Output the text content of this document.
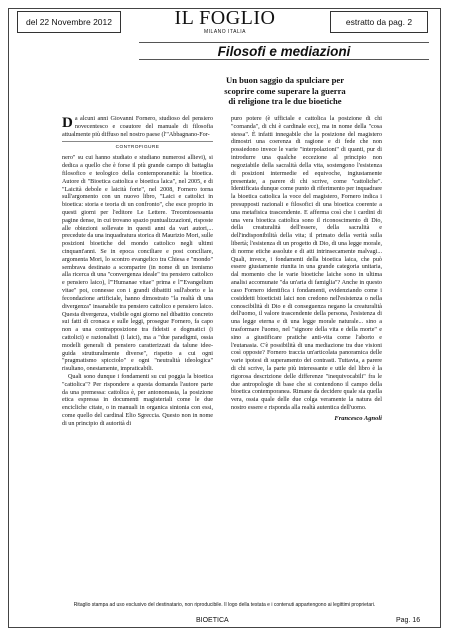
del 22 Novembre 2012	IL FOGLIO
MILANO ITALIA
estratto da pag. 2
Filosofi e mediazioni
Un buon saggio da spulciare per
scoprire come superare la guerra
di religione tra le due bioetiche

Da alcuni anni Giovanni Fornero, studioso del pensiero novecentesco e coautore del manuale di filosofia attualmente più diffuso nel nostro paese (l'"Abbagnano-For-

CONTROFIGURE

nero" su cui hanno studiato e studiano numerosi allievi), si dedica a quello che è forse il più grande campo di battaglia filosofico e teologico della contemporaneità: la bioetica. Autore di "Bioetica cattolica e bioetica laica", nel 2005, e di "Laicità debole e laicità forte", nel 2008, Fornero torna sull'argomento con un nuovo libro, "Laici e cattolici in bioetica: storia e teoria di un confronto", che esce proprio in questi giorni per l'editore Le Lettere. Trecentosessanta pagine dense, in cui trovano spazio puntualizzazioni, risposte alle obiezioni sollevate in questi anni da vari autori,... precedute da una inquadratura storica di Maurizio Mori, sulle posizioni bioetiche del mondo cattolico negli ultimi cinquant'anni. Se in epoca conciliare e post conciliare, argomenta Mori, lo scontro evangelico tra Chiesa e "mondo" sembrava destinato a scomparire (in nome di un irenismo alla ricerca di una "convergenza ideale" tra pensiero cattolico e pensiero laico), l'"Humanae vitae" prima e l'"Evangelium vitae" poi, connesse con i grandi dibattiti sull'aborto e la fecondazione artificiale, hanno dimostrato "la realtà di una divergenza" insanabile tra pensiero cattolico e pensiero laico. Questa divergenza, visibile ogni giorno nel dibattito concreto sui fatti di cronaca e sulle leggi, prosegue Fornero, fa capo non a una contrapposizione tra fideisti e dogmatici (i cattolici) e razionalisti (i laici), ma a "due paradigmi, ossia modelli generali di pensiero caratterizzati da talune idee-guida strutturalmente diverse", rispetto a cui ogni "pragmatismo spicciolo" e ogni "neutralità ideologica" risultano, onestamente, impraticabili.

Quali sono dunque i fondamenti su cui poggia la bioetica "cattolica"? Per rispondere a questa domanda l'autore parte da una premessa: cattolica è, per antonomasia, la posizione etica espressa in documenti magisteriali come le due encicliche citate, o in manuali in organica sintonia con essi, come quello del cardinal Elio Sgreccia. Questo non in nome di un principio di autorità di

puro potere (è ufficiale e cattolica la posizione di chi "comanda", di chi è cardinale ecc), ma in nome della "cosa stessa". È infatti innegabile che la posizione del magistero dimostri una coerenza di ragione e di fede che non possiedono invece le varie "interpolazioni" di quanti, pur di introdurre una qualche eccezione al principio non negoziabile della sacralità della vita, sostengono l'esistenza di posizioni intermedie ed equivoche, ingiustamente presentate, a parere di chi scrive, come "cattoliche". Identificata dunque come punto di riferimento per inquadrare la bioetica cattolica la voce del magistero, Fornero indica i presupposti razionali e filosofici di una bioetica coerente a una metafisica trascendente. E afferma così che i cardini di una vera bioetica cattolica sono il riconoscimento di Dio, della creaturalità dell'essere, della sacralità e dell'indisponibilità della vita; il primato della verità sulla libertà; l'esistenza di un progetto di Dio, di una legge morale, di norme etiche assolute e di atti intrinsecamente malvagi... Quali, invece, i fondamenti della bioetica laica, che può essere giustamente riunita in una grande categoria unitaria, dal momento che le varie bioetiche laiche sono in ultima analisi accomunate "da un'aria di famiglia"? Anche in questo caso Fornero identifica i fondamenti, evidenziando come i cosiddetti bioeticisti laici non credono nell'esistenza o nella conoscibilità di Dio e di conseguenza negano la creaturalità dell'uomo, il valore trascendente della persona, l'esistenza di una legge eterna e di una legge morale naturale... sino a trasformare l'uomo, nel "signore della vita e della morte" e sino a giustificare pratiche anti-vita come l'aborto e l'eutanasia. C'è possibilità di una mediazione tra due visioni così opposte? Fornero traccia un'articolata panoramica delle varie ipotesi di superamento dei contrasti. Tuttavia, a parere di chi scrive, la parte più interessante e utile del libro è la rigorosa descrizione delle differenze "inequivocabili" fra le due antropologie di base che si contendono il campo della bioetica contemporanea. Rimane da decidere quale sia quella vera, ossia quale delle due colga veramente la natura del nostro essere e risponda alla realtà autentica dell'uomo.

Francesco Agnoli
Ritaglio stampa ad uso esclusivo del destinatario, non riproducibile. Il logo della testata e i contenuti appartengono ai legittimi proprietari.
BIOETICA	Pag. 16
